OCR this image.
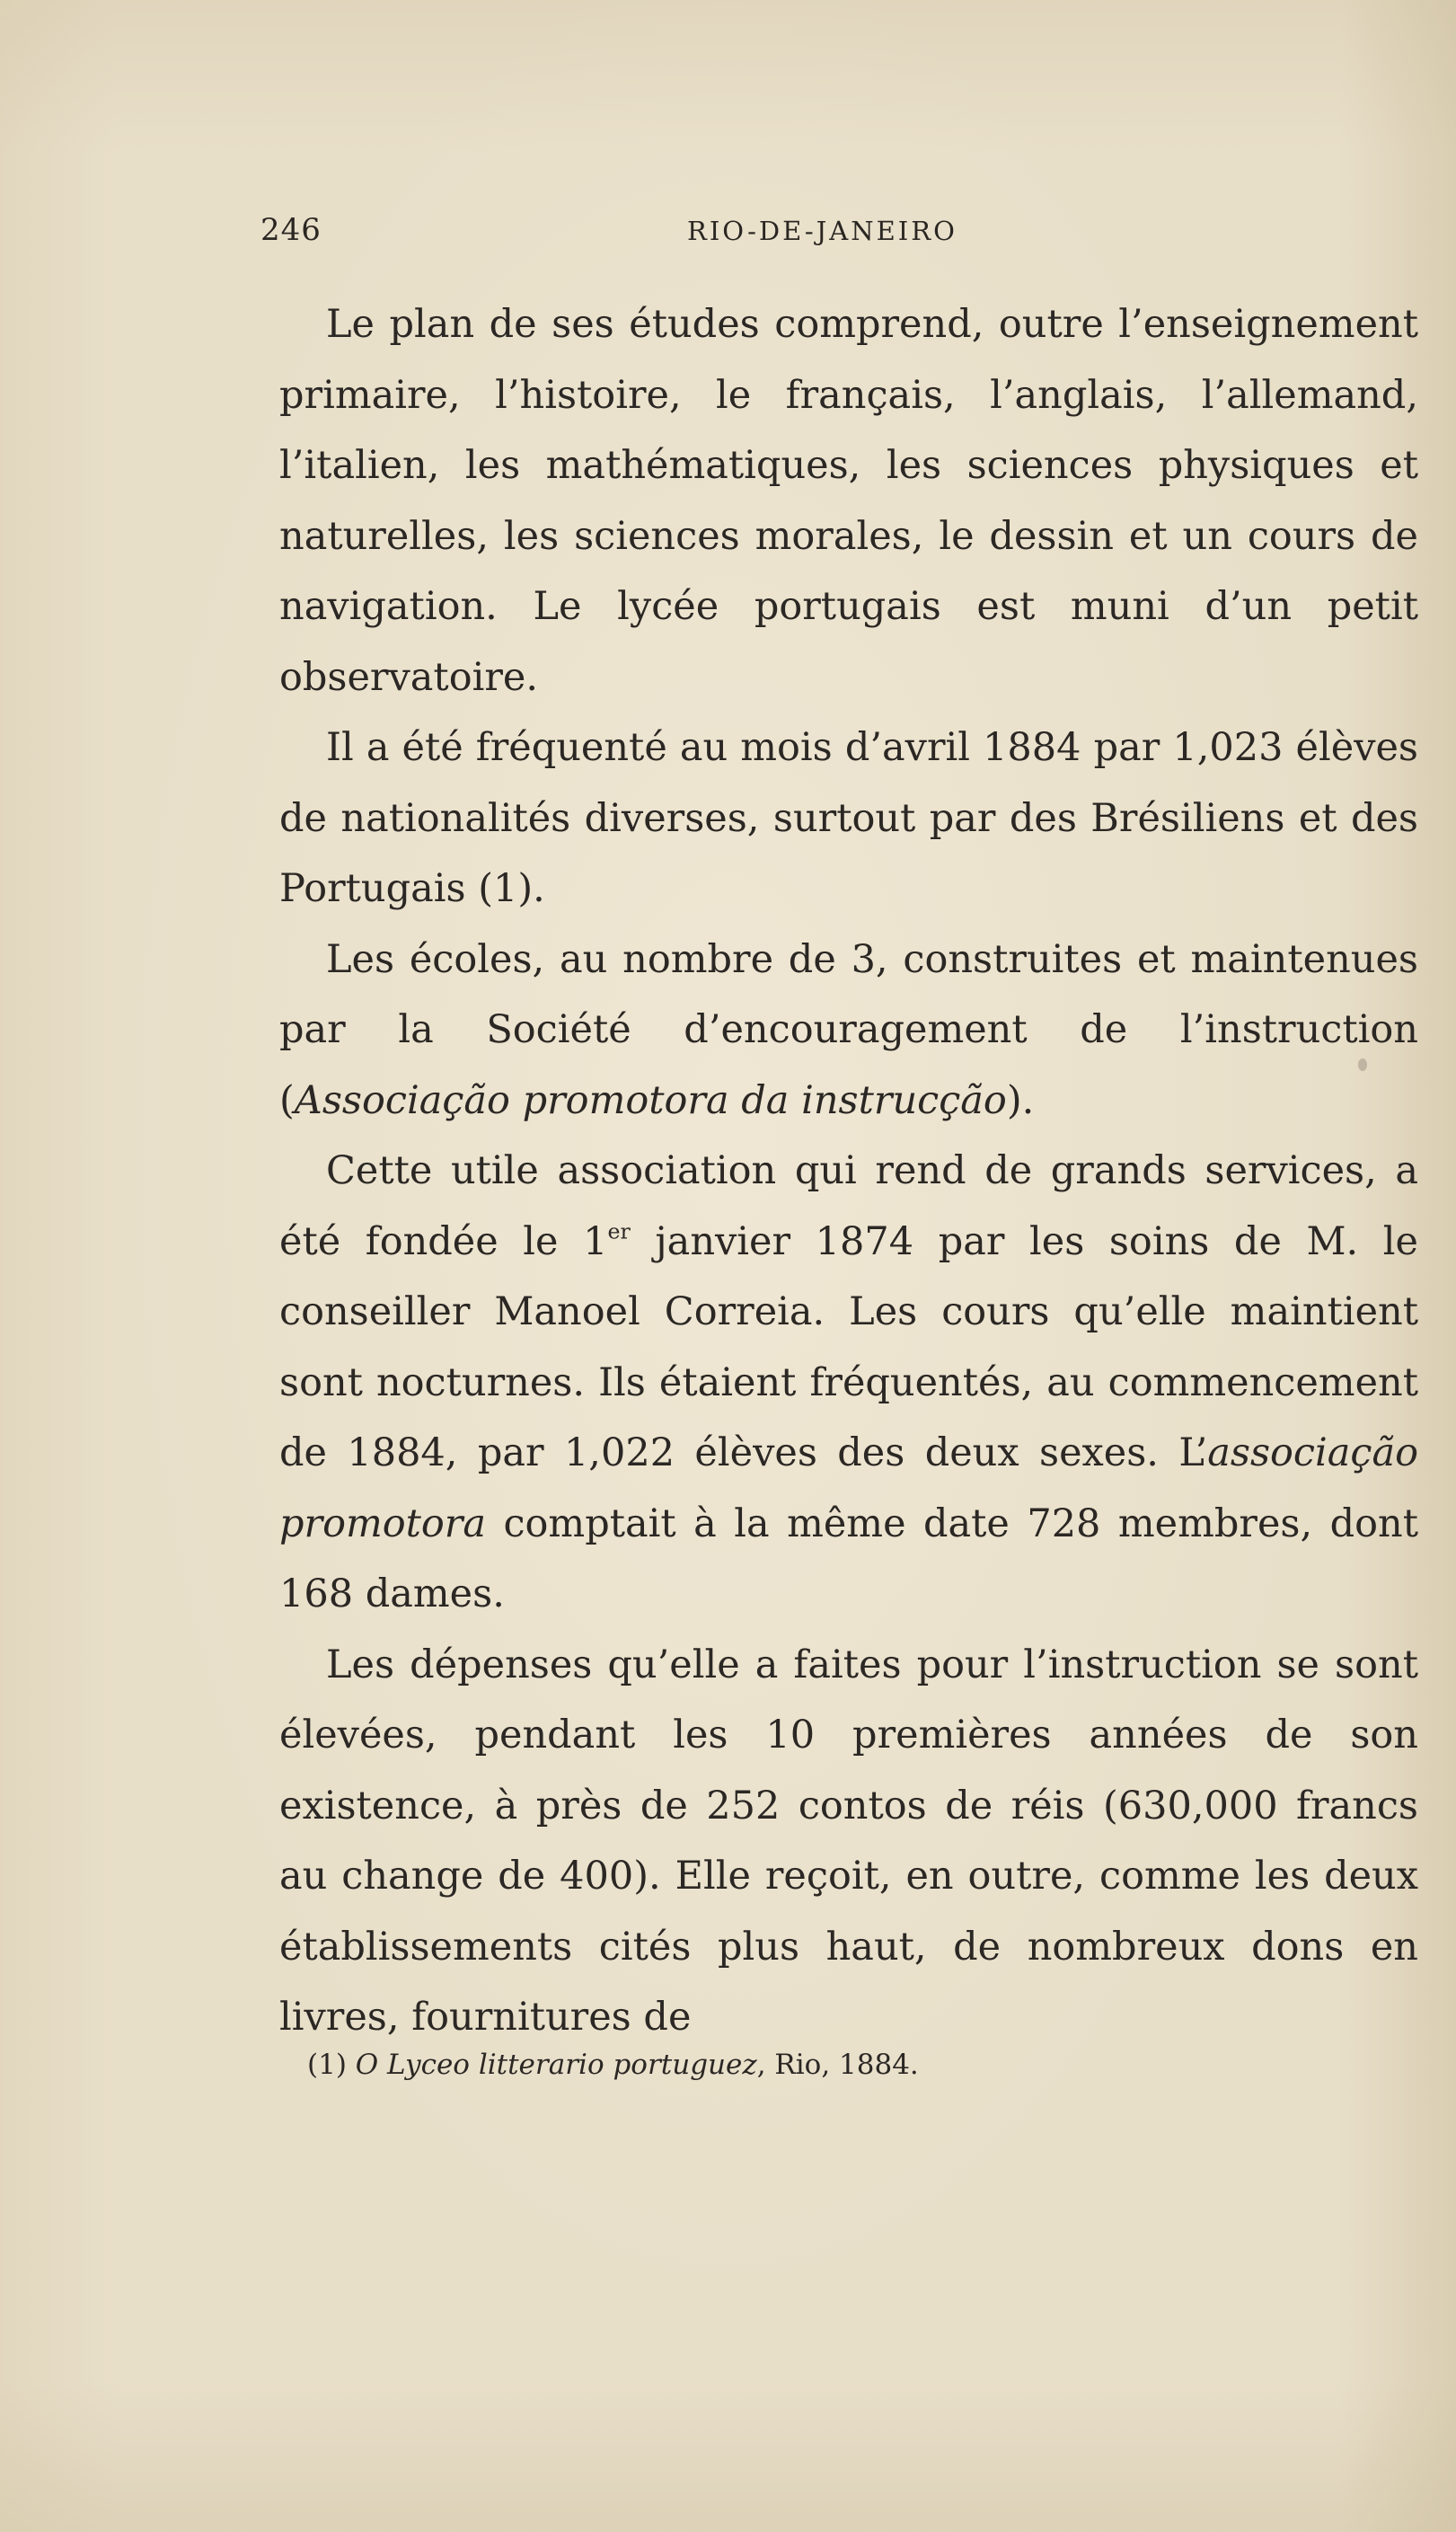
246	RIO-DE-JANEIRO

Le plan de ses études comprend, outre l’enseignement primaire, l’histoire, le français, l’anglais, l’allemand, l’italien, les mathématiques, les sciences physiques et naturelles, les sciences morales, le dessin et un cours de navigation. Le lycée portugais est muni d’un petit observatoire.

Il a été fréquenté au mois d’avril 1884 par 1,023 élèves de nationalités diverses, surtout par des Brésiliens et des Portugais (1).

Les écoles, au nombre de 3, construites et maintenues par la Société d’encouragement de l’instruction (Associação promotora da instrucção).

Cette utile association qui rend de grands services, a été fondée le 1er janvier 1874 par les soins de M. le conseiller Manoel Correia. Les cours qu’elle maintient sont nocturnes. Ils étaient fréquentés, au commencement de 1884, par 1,022 élèves des deux sexes. L’associação promotora comptait à la même date 728 membres, dont 168 dames.

Les dépenses qu’elle a faites pour l’instruction se sont élevées, pendant les 10 premières années de son existence, à près de 252 contos de réis (630,000 francs au change de 400). Elle reçoit, en outre, comme les deux établissements cités plus haut, de nombreux dons en livres, fournitures de

(1) O Lyceo litterario portuguez, Rio, 1884.
